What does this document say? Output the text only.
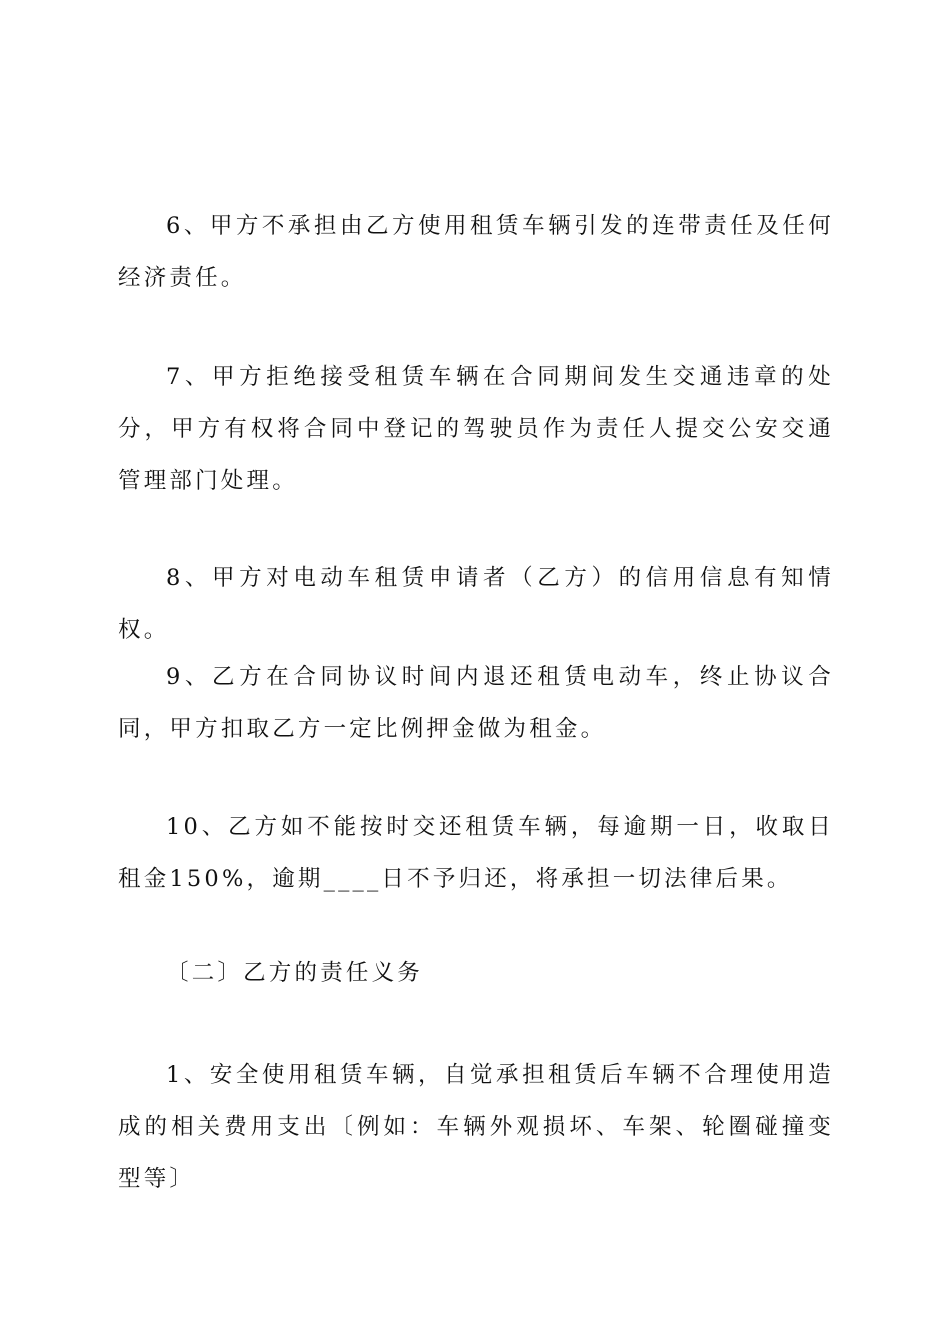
6、甲方不承担由乙方使用租赁车辆引发的连带责任及任何经济责任。

7、甲方拒绝接受租赁车辆在合同期间发生交通违章的处分，甲方有权将合同中登记的驾驶员作为责任人提交公安交通管理部门处理。

8、甲方对电动车租赁申请者（乙方）的信用信息有知情权。

9、乙方在合同协议时间内退还租赁电动车，终止协议合同，甲方扣取乙方一定比例押金做为租金。

10、乙方如不能按时交还租赁车辆，每逾期一日，收取日租金150%，逾期____日不予归还，将承担一切法律后果。

〔二〕乙方的责任义务

1、安全使用租赁车辆，自觉承担租赁后车辆不合理使用造成的相关费用支出〔例如：车辆外观损坏、车架、轮圈碰撞变型等〕
